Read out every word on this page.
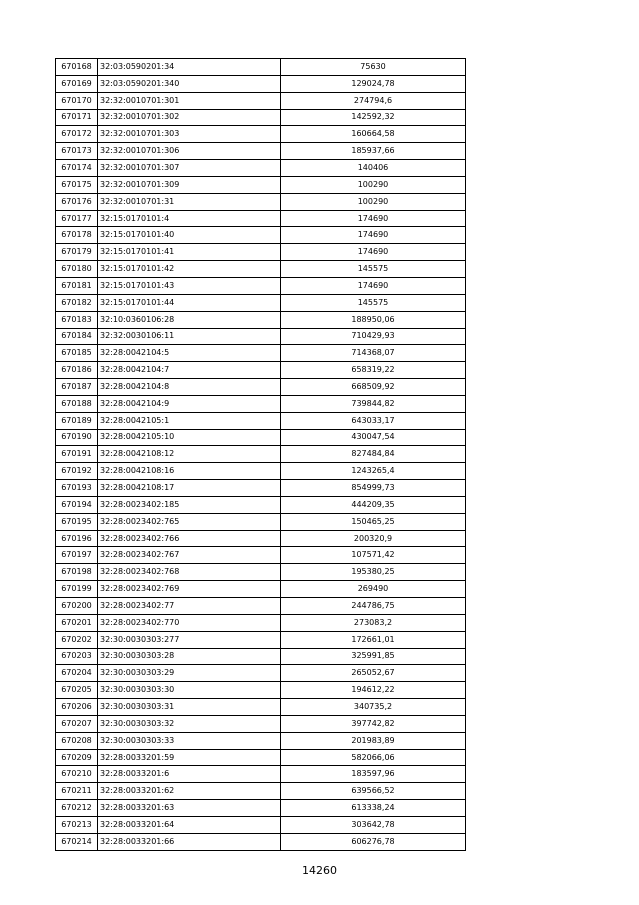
670168	32:03:0590201:34	75630
670169	32:03:0590201:340	129024,78
670170	32:32:0010701:301	274794,6
670171	32:32:0010701:302	142592,32
670172	32:32:0010701:303	160664,58
670173	32:32:0010701:306	185937,66
670174	32:32:0010701:307	140406
670175	32:32:0010701:309	100290
670176	32:32:0010701:31	100290
670177	32:15:0170101:4	174690
670178	32:15:0170101:40	174690
670179	32:15:0170101:41	174690
670180	32:15:0170101:42	145575
670181	32:15:0170101:43	174690
670182	32:15:0170101:44	145575
670183	32:10:0360106:28	188950,06
670184	32:32:0030106:11	710429,93
670185	32:28:0042104:5	714368,07
670186	32:28:0042104:7	658319,22
670187	32:28:0042104:8	668509,92
670188	32:28:0042104:9	739844,82
670189	32:28:0042105:1	643033,17
670190	32:28:0042105:10	430047,54
670191	32:28:0042108:12	827484,84
670192	32:28:0042108:16	1243265,4
670193	32:28:0042108:17	854999,73
670194	32:28:0023402:185	444209,35
670195	32:28:0023402:765	150465,25
670196	32:28:0023402:766	200320,9
670197	32:28:0023402:767	107571,42
670198	32:28:0023402:768	195380,25
670199	32:28:0023402:769	269490
670200	32:28:0023402:77	244786,75
670201	32:28:0023402:770	273083,2
670202	32:30:0030303:277	172661,01
670203	32:30:0030303:28	325991,85
670204	32:30:0030303:29	265052,67
670205	32:30:0030303:30	194612,22
670206	32:30:0030303:31	340735,2
670207	32:30:0030303:32	397742,82
670208	32:30:0030303:33	201983,89
670209	32:28:0033201:59	582066,06
670210	32:28:0033201:6	183597,96
670211	32:28:0033201:62	639566,52
670212	32:28:0033201:63	613338,24
670213	32:28:0033201:64	303642,78
670214	32:28:0033201:66	606276,78
14260
